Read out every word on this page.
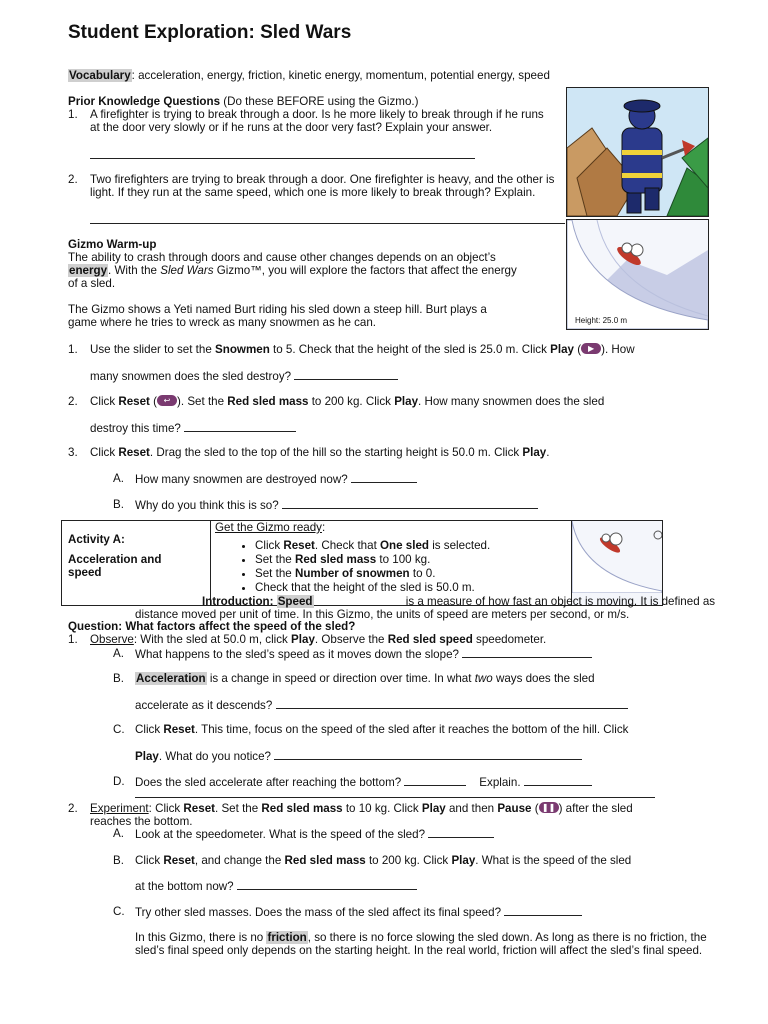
Student Exploration: Sled Wars
Vocabulary: acceleration, energy, friction, kinetic energy, momentum, potential energy, speed
Prior Knowledge Questions (Do these BEFORE using the Gizmo.)
1. A firefighter is trying to break through a door. Is he more likely to break through if he runs at the door very slowly or if he runs at the door very fast? Explain your answer.
2. Two firefighters are trying to break through a door. One firefighter is heavy, and the other is light. If they run at the same speed, which one is more likely to break through? Explain.
Gizmo Warm-up
The ability to crash through doors and cause other changes depends on an object’s energy. With the Sled Wars Gizmo™, you will explore the factors that affect the energy of a sled.
The Gizmo shows a Yeti named Burt riding his sled down a steep hill. Burt plays a game where he tries to wreck as many snowmen as he can.	Height: 25.0 m
1. Use the slider to set the Snowmen to 5. Check that the height of the sled is 25.0 m. Click Play ( ▶ ). How
many snowmen does the sled destroy?
2. Click Reset ( ↩ ). Set the Red sled mass to 200 kg. Click Play. How many snowmen does the sled
destroy this time?
3. Click Reset. Drag the sled to the top of the hill so the starting height is 50.0 m. Click Play.
A. How many snowmen are destroyed now?
B. Why do you think this is so?
Activity A:
Acceleration and speed

Get the Gizmo ready:
• Click Reset. Check that One sled is selected.
• Set the Red sled mass to 100 kg.
• Set the Number of snowmen to 0.
• Check that the height of the sled is 50.0 m.

Introduction: Speed	is a measure of how fast an object is moving. It is defined as distance moved per unit of time. In this Gizmo, the units of speed are meters per second, or m/s.
Question: What factors affect the speed of the sled?
1. Observe: With the sled at 50.0 m, click Play. Observe the Red sled speed speedometer.
A. What happens to the sled’s speed as it moves down the slope?
B. Acceleration is a change in speed or direction over time. In what two ways does the sled
accelerate as it descends?
C. Click Reset. This time, focus on the speed of the sled after it reaches the bottom of the hill. Click
Play. What do you notice?
D. Does the sled accelerate after reaching the bottom?	Explain.
2. Experiment: Click Reset. Set the Red sled mass to 10 kg. Click Play and then Pause ( ❚❚ ) after the sled
reaches the bottom.
A. Look at the speedometer. What is the speed of the sled?
B. Click Reset, and change the Red sled mass to 200 kg. Click Play. What is the speed of the sled
at the bottom now?
C. Try other sled masses. Does the mass of the sled affect its final speed?
In this Gizmo, there is no friction, so there is no force slowing the sled down. As long as there is no friction, the sled’s final speed only depends on the starting height. In the real world, friction will affect the sled’s final speed.
